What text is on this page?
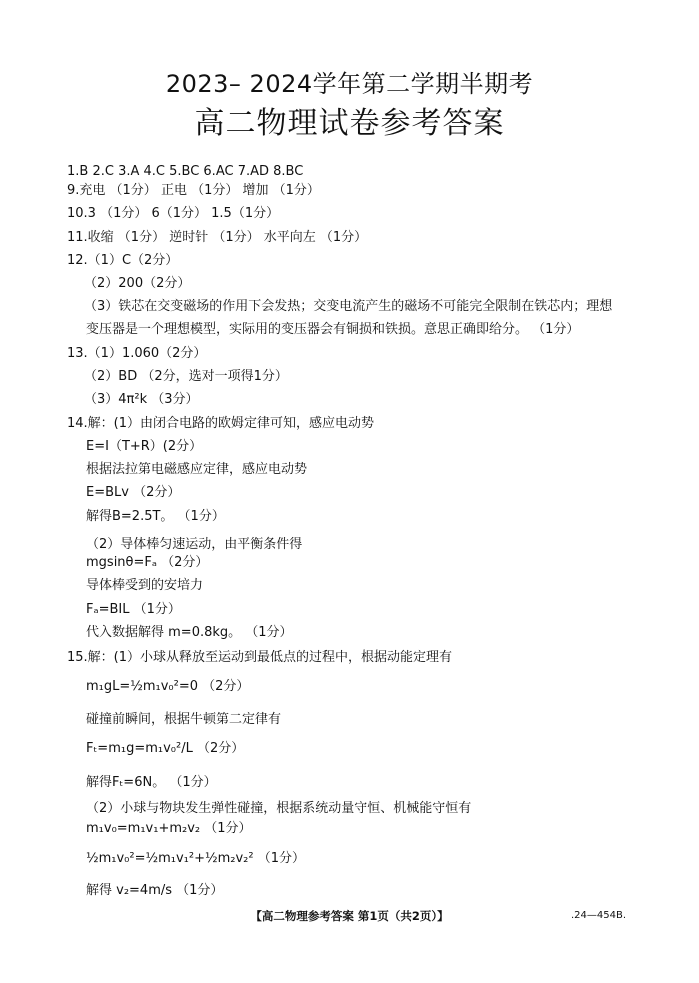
2023– 2024学年第二学期半期考
高二物理试卷参考答案
1.B 2.C 3.A 4.C 5.BC 6.AC 7.AD 8.BC
9.充电 （1分） 正电 （1分） 增加 （1分）
10.3 （1分） 6（1分） 1.5（1分）
11.收缩 （1分） 逆时针 （1分） 水平向左 （1分）
12.（1）C（2分）
（2）200（2分）
（3）铁芯在交变磁场的作用下会发热；交变电流产生的磁场不可能完全限制在铁芯内；理想
变压器是一个理想模型，实际用的变压器会有铜损和铁损。意思正确即给分。 （1分）
13.（1）1.060（2分）
（2）BD （2分，选对一项得1分）
（3）4π²k （3分）
14.解：(1）由闭合电路的欧姆定律可知，感应电动势
E=I（T+R）(2分）
根据法拉第电磁感应定律，感应电动势
E=BLv （2分）
解得B=2.5T。 （1分）
（2）导体棒匀速运动，由平衡条件得
mgsinθ=Fₐ （2分）
导体棒受到的安培力
Fₐ=BIL （1分）
代入数据解得 m=0.8kg。 （1分）
15.解：(1）小球从释放至运动到最低点的过程中，根据动能定理有
m₁gL=½m₁v₀²=0 （2分）
碰撞前瞬间，根据牛顿第二定律有
Fₜ=m₁g=m₁v₀²/L （2分）
解得Fₜ=6N。 （1分）
（2）小球与物块发生弹性碰撞，根据系统动量守恒、机械能守恒有
m₁v₀=m₁v₁+m₂v₂ （1分）
½m₁v₀²=½m₁v₁²+½m₂v₂² （1分）
解得 v₂=4m/s （1分）
【高二物理参考答案 第1页（共2页）】	.24—454B.
